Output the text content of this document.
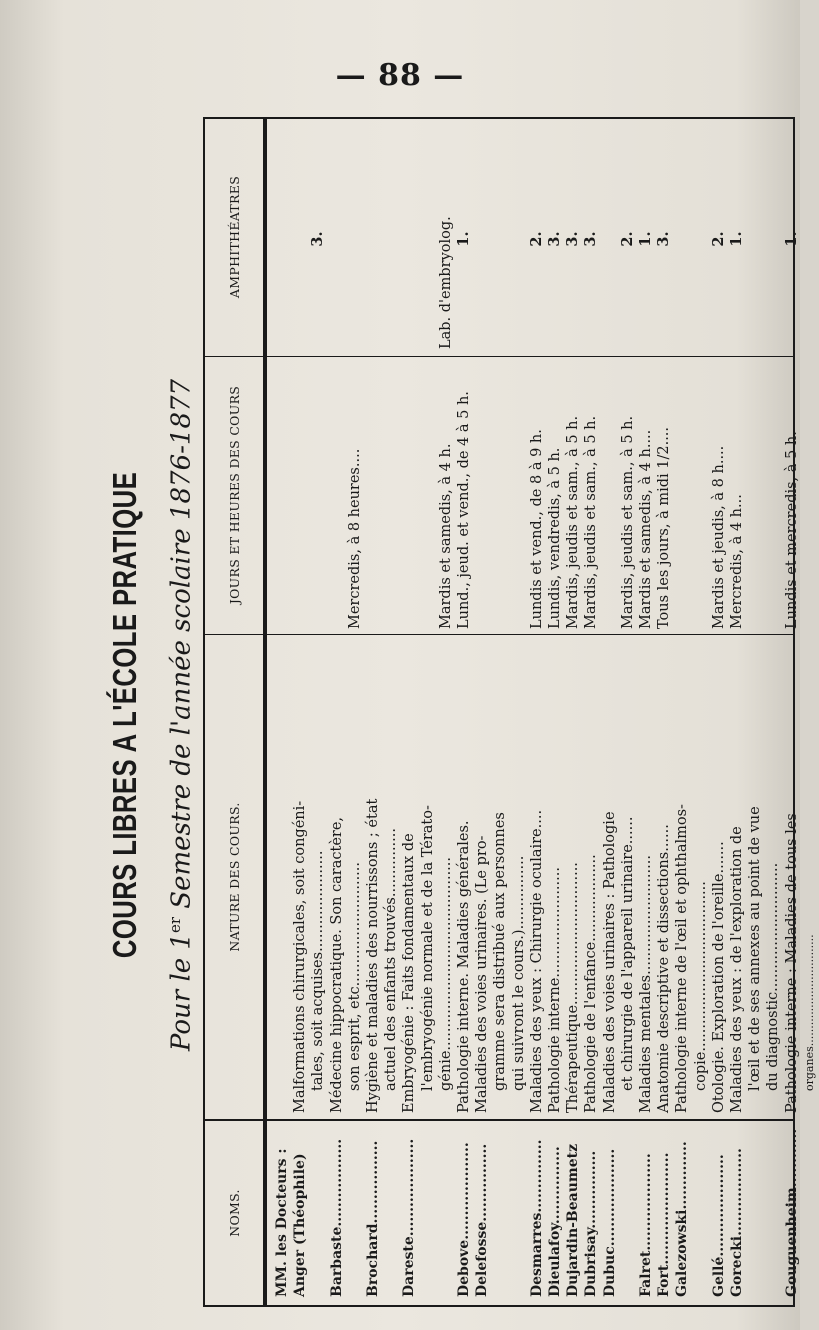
— 88 —
COURS LIBRES A L'ÉCOLE PRATIQUE
Pour le 1er Semestre de l'année scolaire 1876-1877
NOMS.
NATURE DES COURS.
JOURS ET HEURES DES COURS
AMPHITHÉATRES
MM. les Docteurs : Anger (Théophile)
Malformations chirurgicales, soit congéni- tales, soit acquises......................
3.
Barbaste..................
Médecine hippocratique. Son caractère, son esprit, etc...........................
Mercredis, à 8 heures....
Brochard.................
Hygiène et maladies des nourrissons ; état actuel des enfants trouvés...............
Dareste....................
Embryogénie : Faits fondamentaux de l'embryogénie normale et de la Térato- génie..........................................
Mardis et samedis, à 4 h.
Lab. d'embryolog.
Debove....................
Pathologie interne. Maladies générales.
Lund., jeud. et vend., de 4 à 5 h.
1.
Delefosse................
Maladies des voies urinaires. (Le pro- gramme sera distribué aux personnes qui suivront le cours.)................
Desmarres...............
Maladies des yeux : Chirurgie oculaire....
Lundis et vend., de 8 à 9 h.
2.
Dieulafoy................
Pathologie interne........................
Lundis, vendredis, à 5 h.
3.
Dujardin-Beaumetz
Thérapeutique...............................
Mardis, jeudis et sam., à 5 h.
3.
Dubrisay................
Pathologie de l'enfance...................
Mardis, jeudis et sam., à 5 h.
3.
Dubuc....................
Maladies des voies urinaires : Pathologie et chirurgie de l'appareil urinaire......
Mardis, jeudis et sam., à 5 h.
2.
Falret....................
Maladies mentales..........................
Mardis et samedis, à 4 h....
1.
Fort.......................
Anatomie descriptive et dissections......
Tous les jours, à midi 1/2....
3.
Galezowski..............
Pathologie interne de l'œil et ophthalmos- copie.....................................
Gellé.....................
Otologie. Exploration de l'oreille.......
Mardis et jeudis, à 8 h....
2.
Gorecki..................
Maladies des yeux : de l'exploration de
Mercredis, à 4 h...
1.
l'œil et de ses annexes au point de vue du diagnostic............................
Gouguenheim............
Pathologie interne : Maladies de tous les
Lundis et mercredis, à 5 h.
1.
organes................................
